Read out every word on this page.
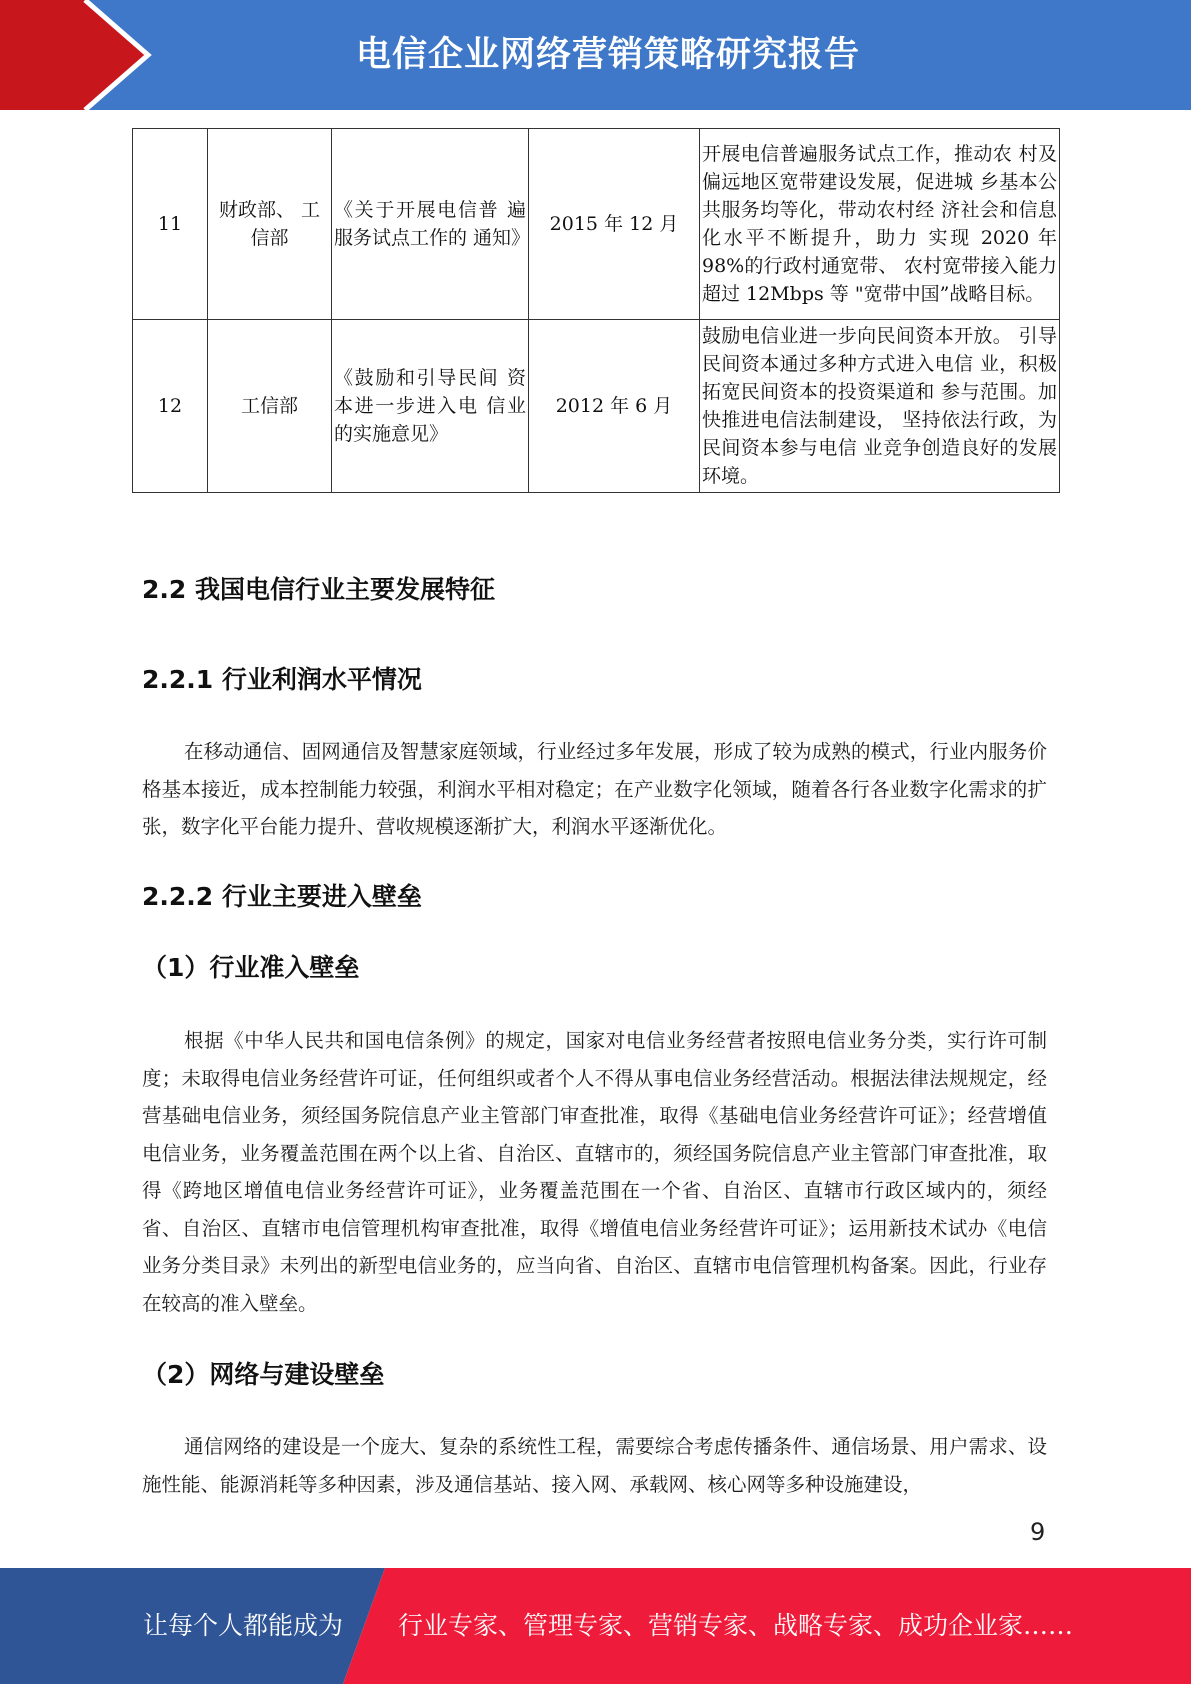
电信企业网络营销策略研究报告
11	财政部、 工信部	《关于开展电信普 遍服务试点工作的 通知》	2015 年 12 月	开展电信普遍服务试点工作，推动农 村及偏远地区宽带建设发展，促进城 乡基本公共服务均等化，带动农村经 济社会和信息化水平不断提升，助力 实现 2020 年 98%的行政村通宽带、 农村宽带接入能力超过 12Mbps 等 "宽带中国”战略目标。
12	工信部	《鼓励和引导民间 资本进一步进入电 信业的实施意见》	2012 年 6 月	鼓励电信业进一步向民间资本开放。 引导民间资本通过多种方式进入电信 业，积极拓宽民间资本的投资渠道和 参与范围。加快推进电信法制建设， 坚持依法行政，为民间资本参与电信 业竞争创造良好的发展环境。
2.2 我国电信行业主要发展特征
2.2.1 行业利润水平情况

在移动通信、固网通信及智慧家庭领域，行业经过多年发展，形成了较为成熟的模式，行业内服务价格基本接近，成本控制能力较强，利润水平相对稳定；在产业数字化领域，随着各行各业数字化需求的扩张，数字化平台能力提升、营收规模逐渐扩大，利润水平逐渐优化。

2.2.2 行业主要进入壁垒
（1）行业准入壁垒

根据《中华人民共和国电信条例》的规定，国家对电信业务经营者按照电信业务分类，实行许可制度；未取得电信业务经营许可证，任何组织或者个人不得从事电信业务经营活动。根据法律法规规定，经营基础电信业务，须经国务院信息产业主管部门审查批准，取得《基础电信业务经营许可证》；经营增值电信业务，业务覆盖范围在两个以上省、自治区、直辖市的，须经国务院信息产业主管部门审查批准，取得《跨地区增值电信业务经营许可证》，业务覆盖范围在一个省、自治区、直辖市行政区域内的，须经省、自治区、直辖市电信管理机构审查批准，取得《增值电信业务经营许可证》；运用新技术试办《电信业务分类目录》未列出的新型电信业务的，应当向省、自治区、直辖市电信管理机构备案。因此，行业存在较高的准入壁垒。

（2）网络与建设壁垒

通信网络的建设是一个庞大、复杂的系统性工程，需要综合考虑传播条件、通信场景、用户需求、设施性能、能源消耗等多种因素，涉及通信基站、接入网、承载网、核心网等多种设施建设，

9
让每个人都能成为 行业专家、管理专家、营销专家、战略专家、成功企业家……
